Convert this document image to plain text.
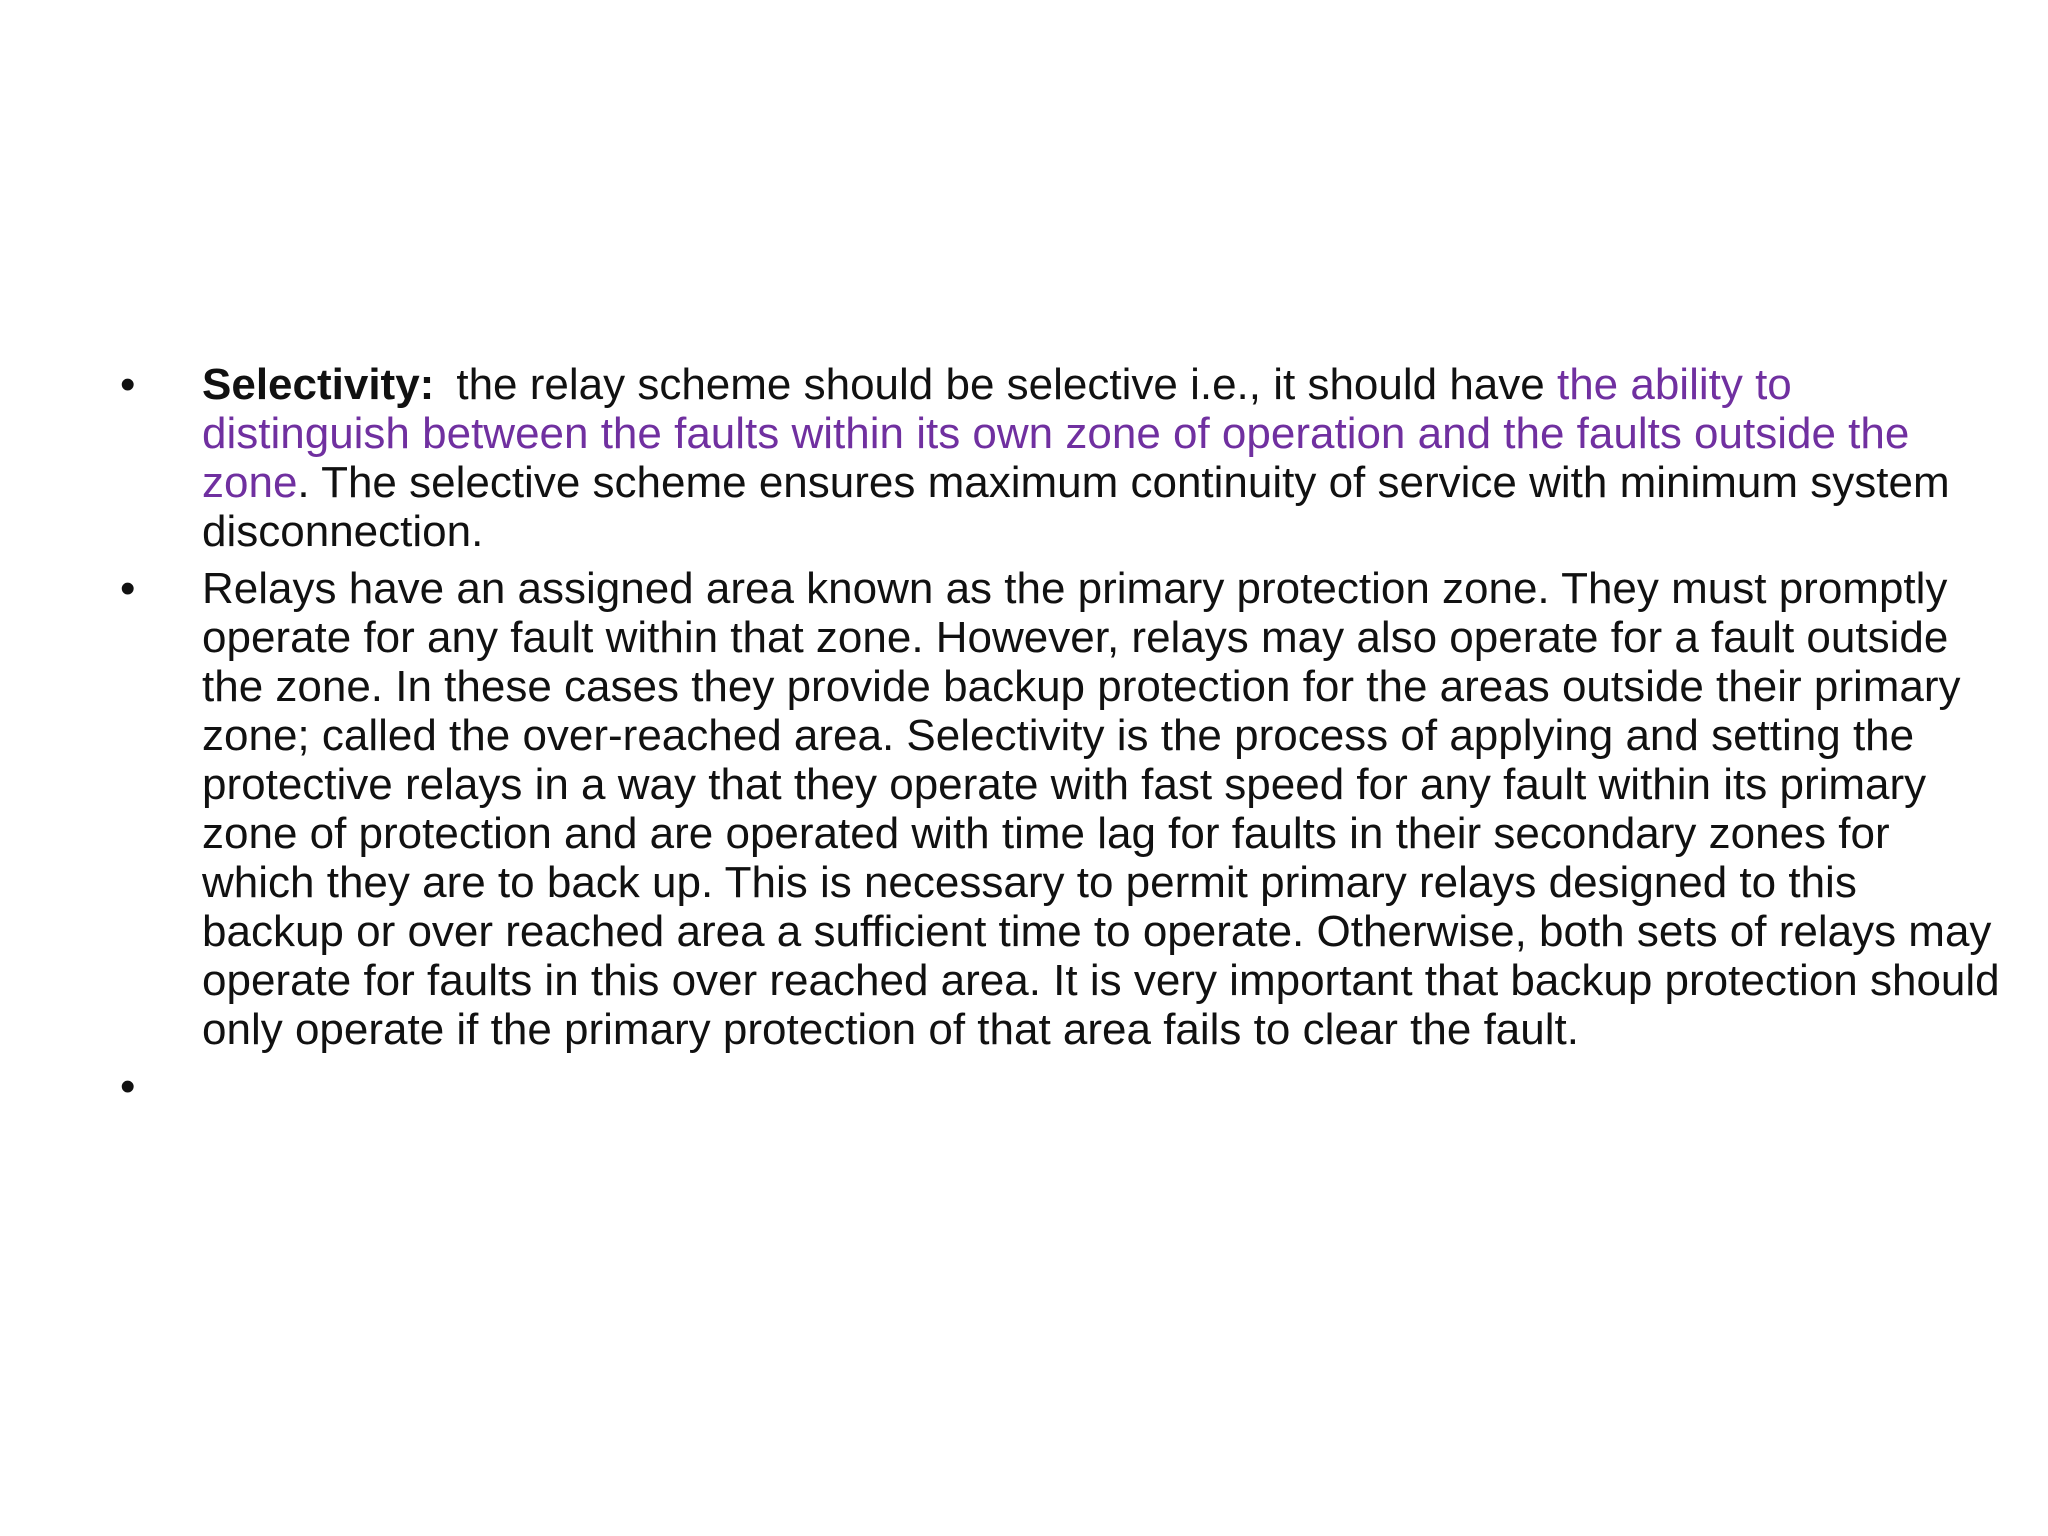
•
Selectivity: the relay scheme should be selective i.e., it should have the ability to distinguish between the faults within its own zone of operation and the faults outside the zone. The selective scheme ensures maximum continuity of service with minimum system disconnection.
•
Relays have an assigned area known as the primary protection zone. They must promptly operate for any fault within that zone. However, relays may also operate for a fault outside the zone. In these cases they provide backup protection for the areas outside their primary zone; called the over-reached area. Selectivity is the process of applying and setting the protective relays in a way that they operate with fast speed for any fault within its primary zone of protection and are operated with time lag for faults in their secondary zones for which they are to back up. This is necessary to permit primary relays designed to this backup or over reached area a sufficient time to operate. Otherwise, both sets of relays may operate for faults in this over reached area. It is very important that backup protection should only operate if the primary protection of that area fails to clear the fault.
•
